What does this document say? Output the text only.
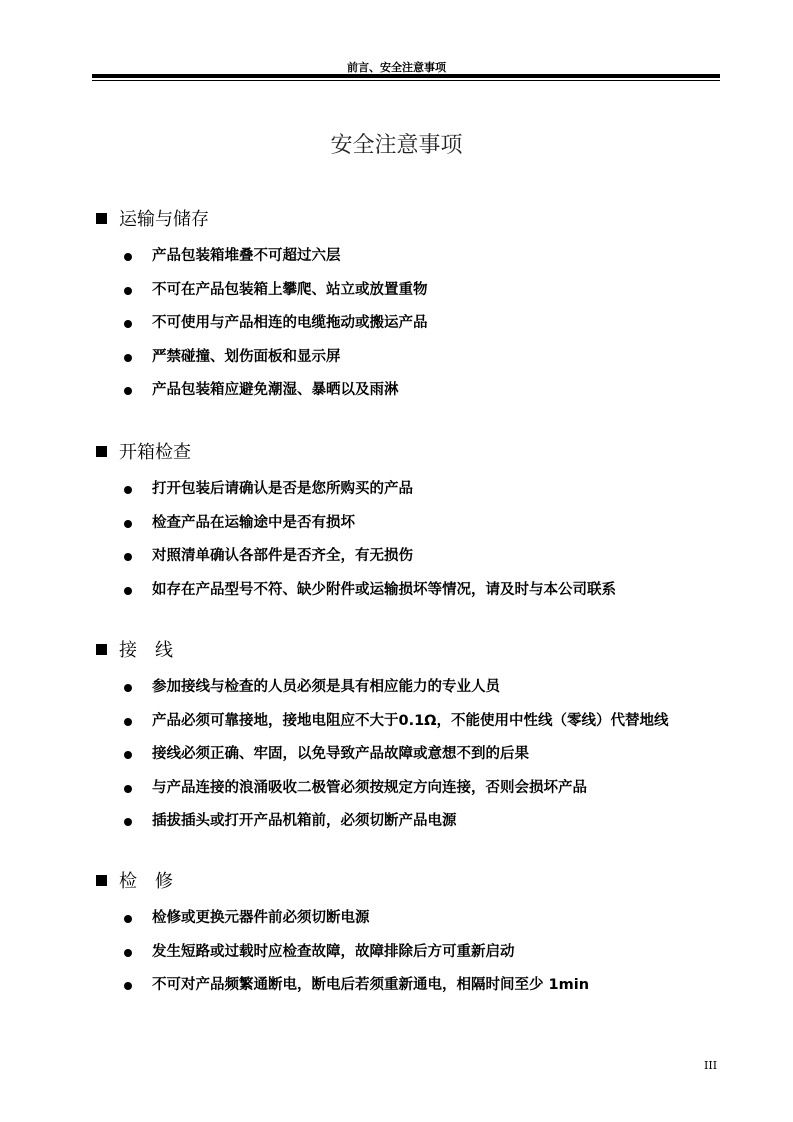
前言、安全注意事项
安全注意事项
运输与储存
产品包装箱堆叠不可超过六层
不可在产品包装箱上攀爬、站立或放置重物
不可使用与产品相连的电缆拖动或搬运产品
严禁碰撞、划伤面板和显示屏
产品包装箱应避免潮湿、暴晒以及雨淋
开箱检查
打开包装后请确认是否是您所购买的产品
检查产品在运输途中是否有损坏
对照清单确认各部件是否齐全，有无损伤
如存在产品型号不符、缺少附件或运输损坏等情况，请及时与本公司联系
接　线
参加接线与检查的人员必须是具有相应能力的专业人员
产品必须可靠接地，接地电阻应不大于0.1Ω，不能使用中性线（零线）代替地线
接线必须正确、牢固，以免导致产品故障或意想不到的后果
与产品连接的浪涌吸收二极管必须按规定方向连接，否则会损坏产品
插拔插头或打开产品机箱前，必须切断产品电源
检　修
检修或更换元器件前必须切断电源
发生短路或过载时应检查故障，故障排除后方可重新启动
不可对产品频繁通断电，断电后若须重新通电，相隔时间至少 1min
III
